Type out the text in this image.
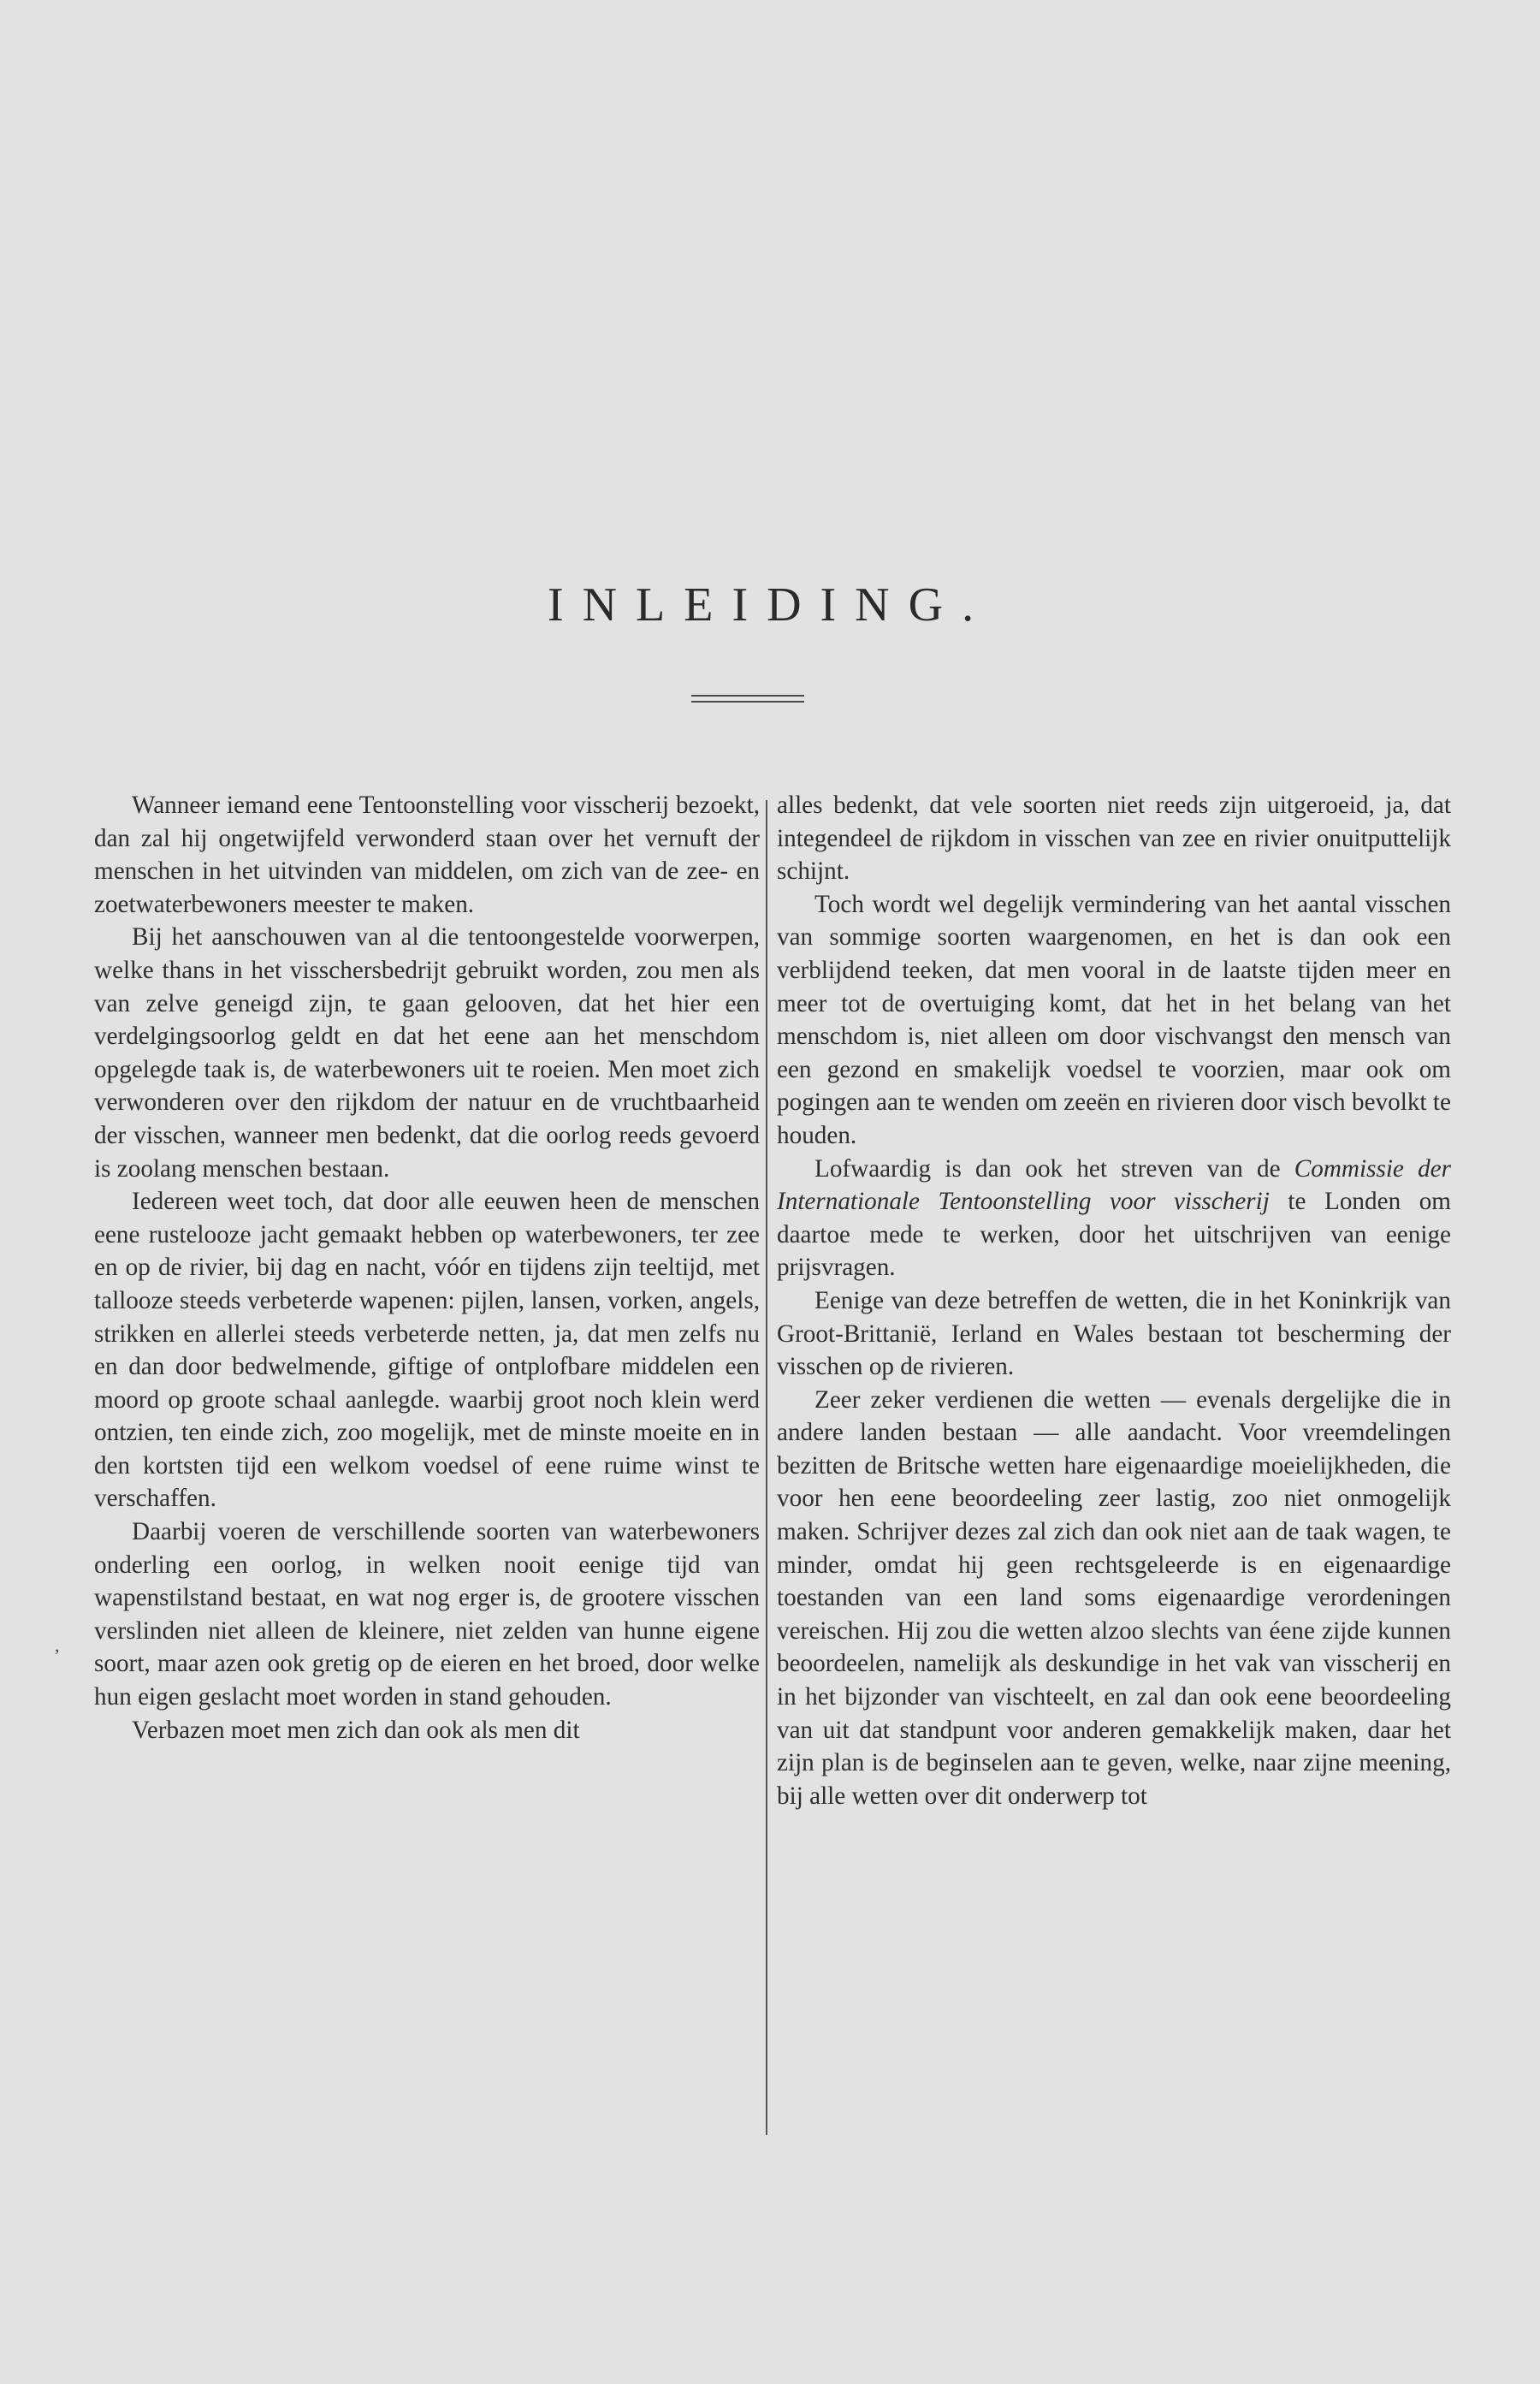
INLEIDING.

Wanneer iemand eene Tentoonstelling voor visscherij bezoekt, dan zal hij ongetwijfeld verwonderd staan over het vernuft der menschen in het uitvinden van middelen, om zich van de zee- en zoetwaterbewoners meester te maken.

Bij het aanschouwen van al die tentoongestelde voorwerpen, welke thans in het visschersbedrijt gebruikt worden, zou men als van zelve geneigd zijn, te gaan gelooven, dat het hier een verdelgingsoorlog geldt en dat het eene aan het menschdom opgelegde taak is, de waterbewoners uit te roeien. Men moet zich verwonderen over den rijkdom der natuur en de vruchtbaarheid der visschen, wanneer men bedenkt, dat die oorlog reeds gevoerd is zoolang menschen bestaan.

Iedereen weet toch, dat door alle eeuwen heen de menschen eene rustelooze jacht gemaakt hebben op waterbewoners, ter zee en op de rivier, bij dag en nacht, vóór en tijdens zijn teeltijd, met tallooze steeds verbeterde wapenen: pijlen, lansen, vorken, angels, strikken en allerlei steeds verbeterde netten, ja, dat men zelfs nu en dan door bedwelmende, giftige of ontplofbare middelen een moord op groote schaal aanlegde. waarbij groot noch klein werd ontzien, ten einde zich, zoo mogelijk, met de minste moeite en in den kortsten tijd een welkom voedsel of eene ruime winst te verschaffen.

Daarbij voeren de verschillende soorten van waterbewoners onderling een oorlog, in welken nooit eenige tijd van wapenstilstand bestaat, en wat nog erger is, de grootere visschen verslinden niet alleen de kleinere, niet zelden van hunne eigene soort, maar azen ook gretig op de eieren en het broed, door welke hun eigen geslacht moet worden in stand gehouden.

Verbazen moet men zich dan ook als men dit

alles bedenkt, dat vele soorten niet reeds zijn uitgeroeid, ja, dat integendeel de rijkdom in visschen van zee en rivier onuitputtelijk schijnt.

Toch wordt wel degelijk vermindering van het aantal visschen van sommige soorten waargenomen, en het is dan ook een verblijdend teeken, dat men vooral in de laatste tijden meer en meer tot de overtuiging komt, dat het in het belang van het menschdom is, niet alleen om door vischvangst den mensch van een gezond en smakelijk voedsel te voorzien, maar ook om pogingen aan te wenden om zeeën en rivieren door visch bevolkt te houden.

Lofwaardig is dan ook het streven van de Commissie der Internationale Tentoonstelling voor visscherij te Londen om daartoe mede te werken, door het uitschrijven van eenige prijsvragen.

Eenige van deze betreffen de wetten, die in het Koninkrijk van Groot-Brittanië, Ierland en Wales bestaan tot bescherming der visschen op de rivieren.

Zeer zeker verdienen die wetten — evenals dergelijke die in andere landen bestaan — alle aandacht. Voor vreemdelingen bezitten de Britsche wetten hare eigenaardige moeielijkheden, die voor hen eene beoordeeling zeer lastig, zoo niet onmogelijk maken. Schrijver dezes zal zich dan ook niet aan de taak wagen, te minder, omdat hij geen rechtsgeleerde is en eigenaardige toestanden van een land soms eigenaardige verordeningen vereischen. Hij zou die wetten alzoo slechts van éene zijde kunnen beoordeelen, namelijk als deskundige in het vak van visscherij en in het bijzonder van vischteelt, en zal dan ook eene beoordeeling van uit dat standpunt voor anderen gemakkelijk maken, daar het zijn plan is de beginselen aan te geven, welke, naar zijne meening, bij alle wetten over dit onderwerp tot

,
